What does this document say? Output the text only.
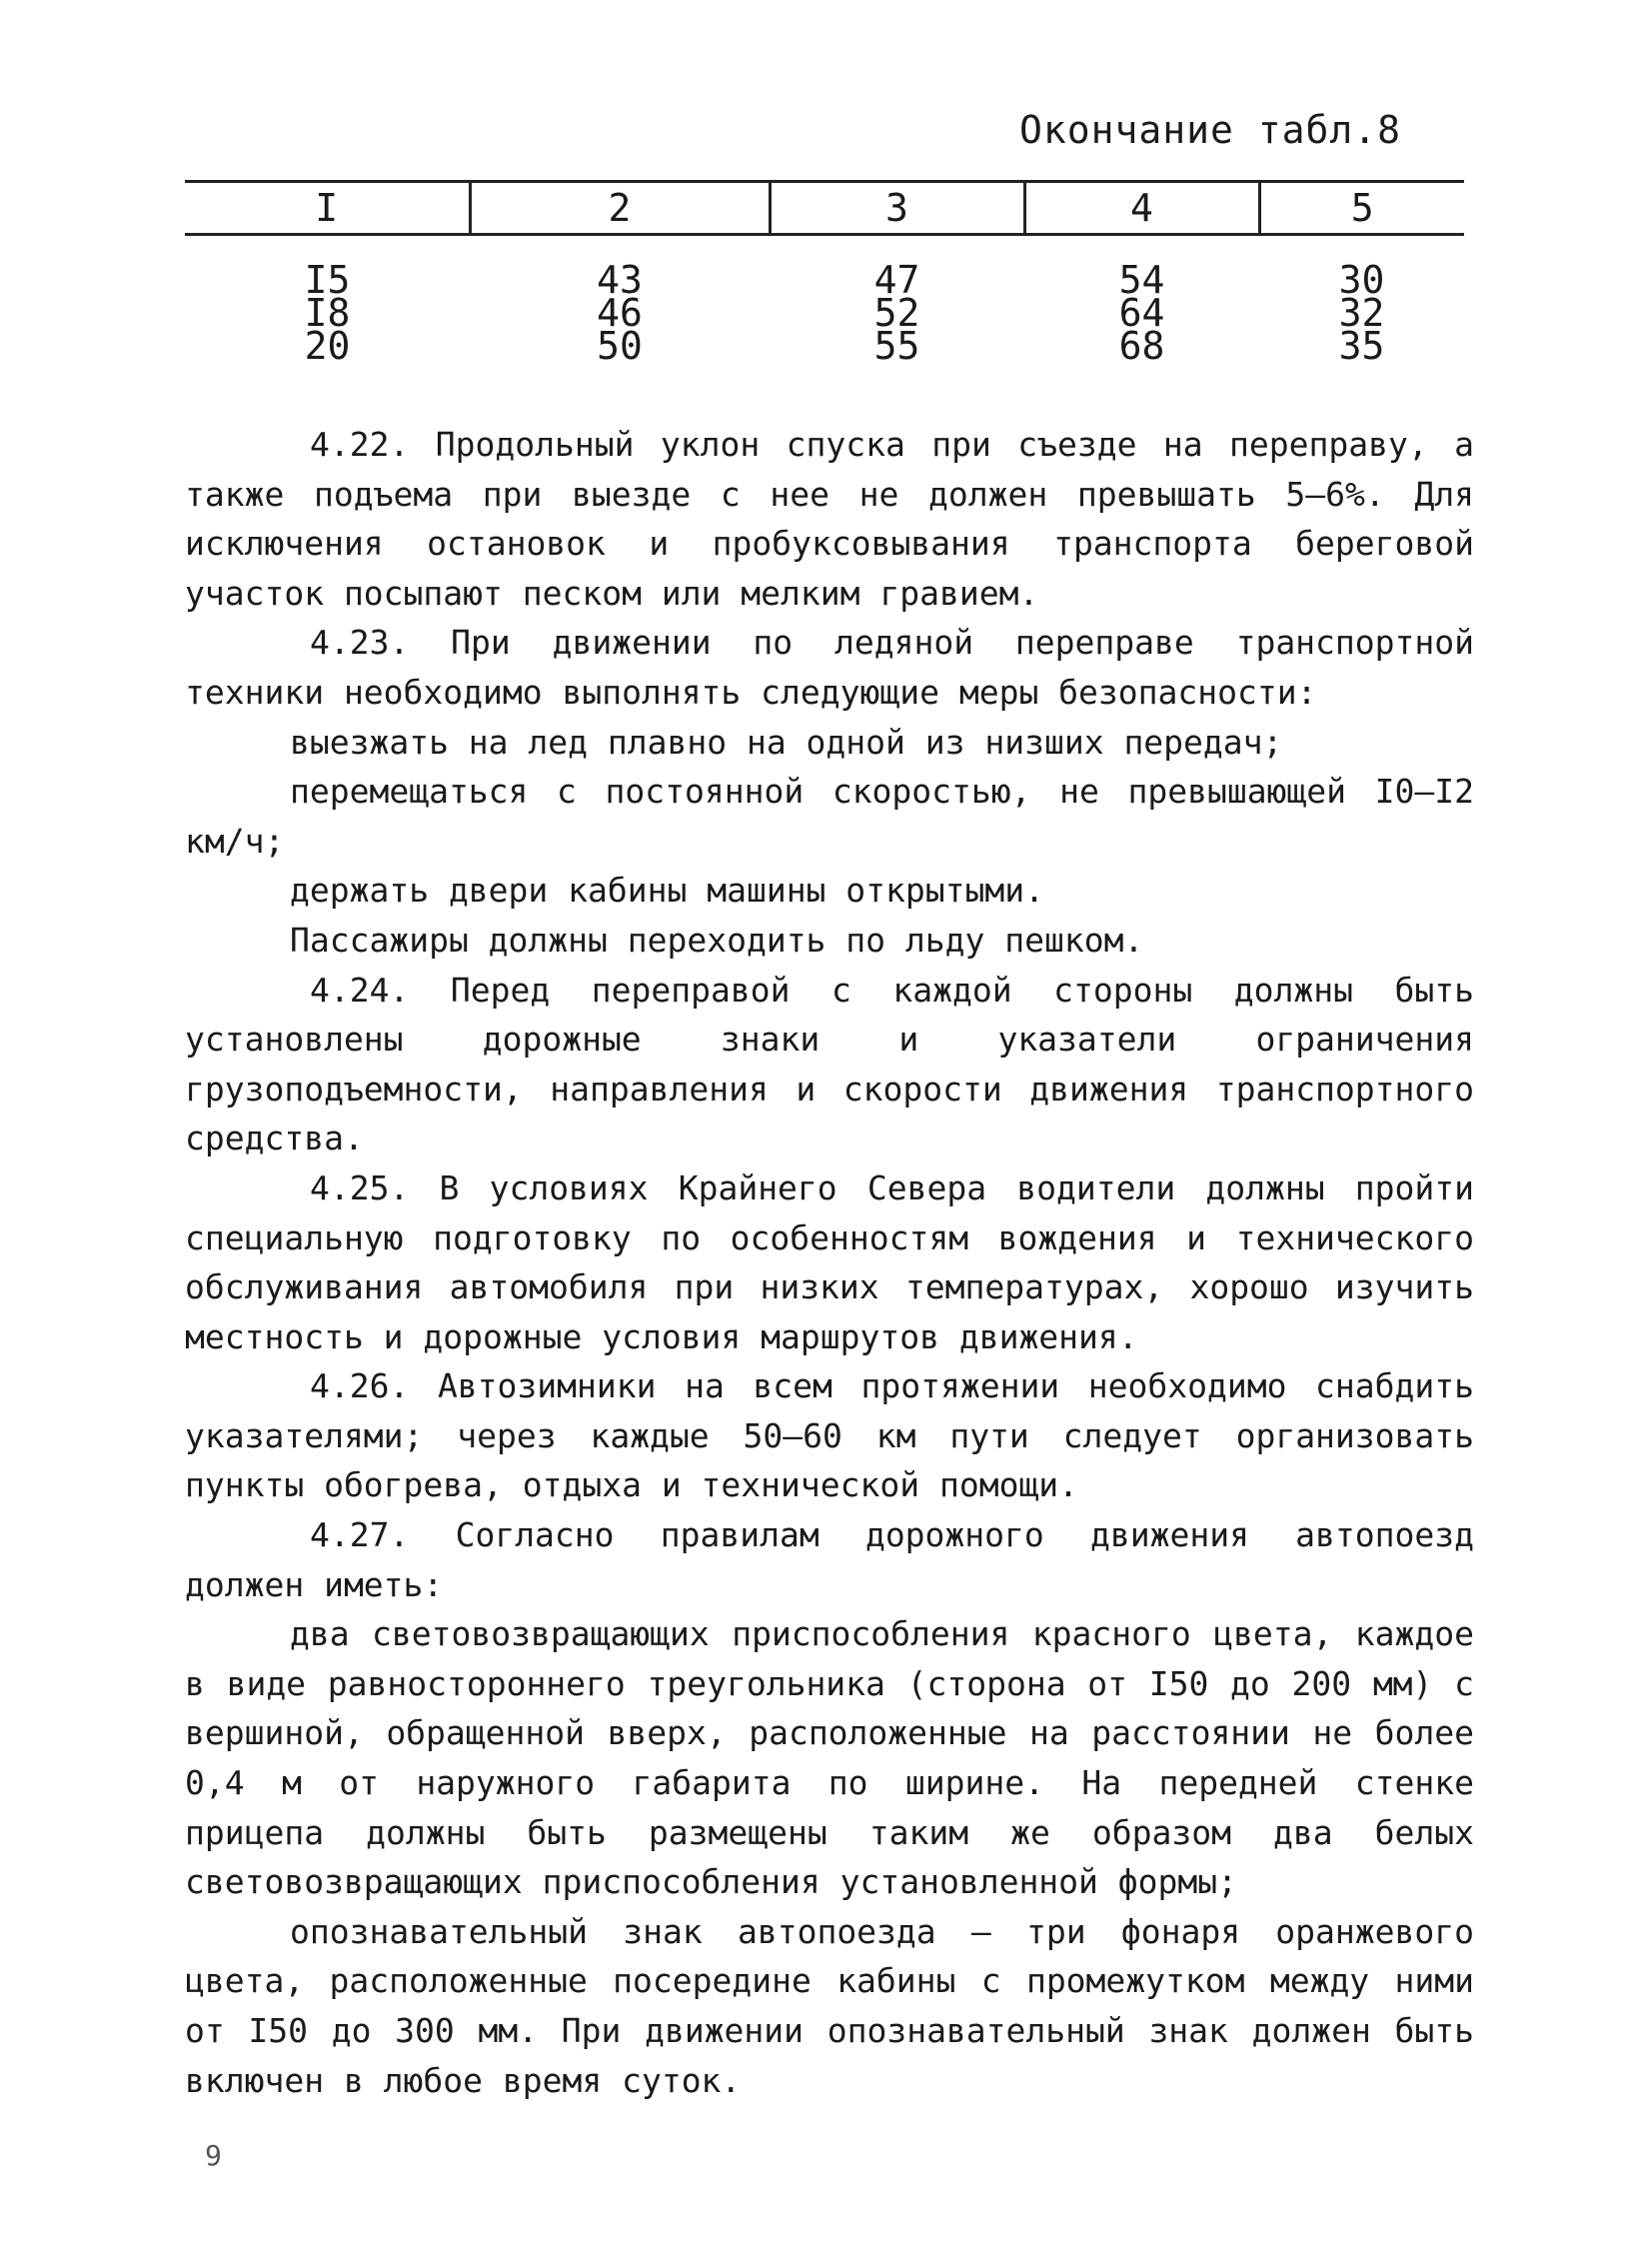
Окончание табл.8
I	2	3	4	5
I5	43	47	54	30
I8	46	52	64	32
20	50	55	68	35

4.22. Продольный уклон спуска при съезде на переправу, а также подъема при выезде с нее не должен превышать 5–6%. Для исключения остановок и пробуксовывания транспорта береговой участок посыпают песком или мелким гравием.

4.23. При движении по ледяной переправе транспортной техники необходимо выполнять следующие меры безопасности:

выезжать на лед плавно на одной из низших передач;

перемещаться с постоянной скоростью, не превышающей I0–I2 км/ч;

держать двери кабины машины открытыми.

Пассажиры должны переходить по льду пешком.

4.24. Перед переправой с каждой стороны должны быть установлены дорожные знаки и указатели ограничения грузоподъемности, направления и скорости движения транспортного средства.

4.25. В условиях Крайнего Севера водители должны пройти специальную подготовку по особенностям вождения и технического обслуживания автомобиля при низких температурах, хорошо изучить местность и дорожные условия маршрутов движения.

4.26. Автозимники на всем протяжении необходимо снабдить указателями; через каждые 50–60 км пути следует организовать пункты обогрева, отдыха и технической помощи.

4.27. Согласно правилам дорожного движения автопоезд должен иметь:

два световозвращающих приспособления красного цвета, каждое в виде равностороннего треугольника (сторона от I50 до 200 мм) с вершиной, обращенной вверх, расположенные на расстоянии не более 0,4 м от наружного габарита по ширине. На передней стенке прицепа должны быть размещены таким же образом два белых световозвращающих приспособления установленной формы;

опознавательный знак автопоезда – три фонаря оранжевого цвета, расположенные посередине кабины с промежутком между ними от I50 до 300 мм. При движении опознавательный знак должен быть включен в любое время суток.

9
